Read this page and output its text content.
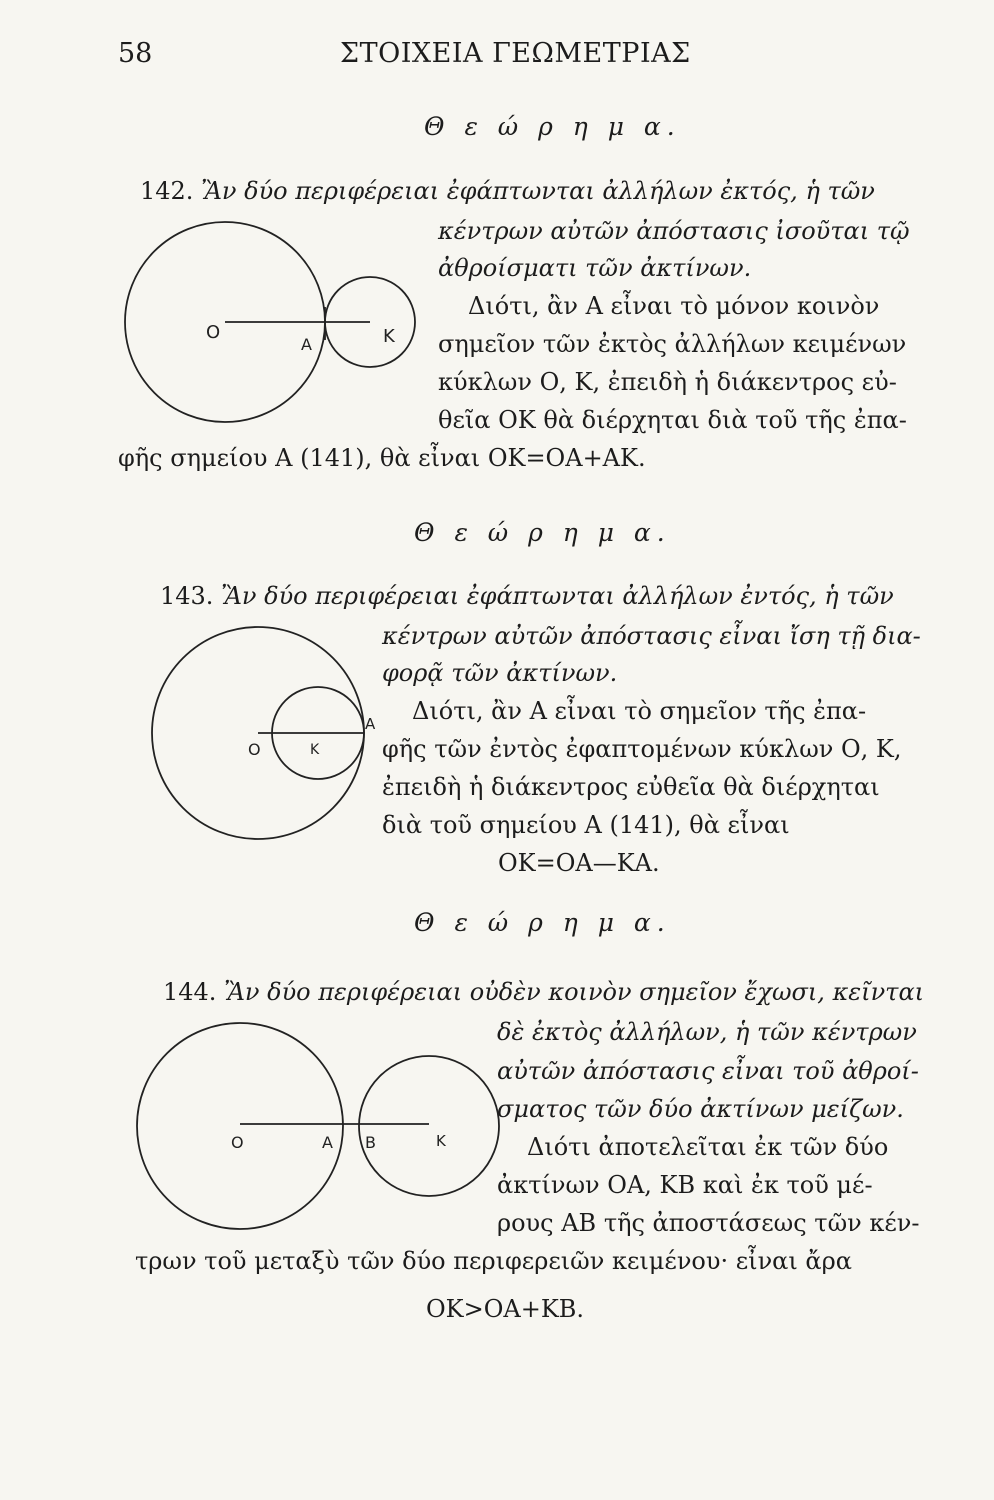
58	ΣΤΟΙΧΕΙΑ ΓΕΩΜΕΤΡΙΑΣ
Θ ε ώ ρ η μ α.
142. Ἂν δύο περιφέρειαι ἐφάπτωνται ἀλλήλων ἐκτός, ἡ τῶν
κέντρων αὐτῶν ἀπόστασις ἰσοῦται τῷ
ἀθροίσματι τῶν ἀκτίνων.
Διότι, ἂν Α εἶναι τὸ μόνον κοινὸν
σημεῖον τῶν ἐκτὸς ἀλλήλων κειμένων
κύκλων Ο, Κ, ἐπειδὴ ἡ διάκεντρος εὐ-
θεῖα ΟΚ θὰ διέρχηται διὰ τοῦ τῆς ἐπα-
φῆς σημείου Α (141), θὰ εἶναι ΟΚ=ΟΑ+ΑΚ.
O
A	K
Θ ε ώ ρ η μ α.
143. Ἂν δύο περιφέρειαι ἐφάπτωνται ἀλλήλων ἐντός, ἡ τῶν
κέντρων αὐτῶν ἀπόστασις εἶναι ἴση τῇ δια-
φορᾷ τῶν ἀκτίνων.
Διότι, ἂν Α εἶναι τὸ σημεῖον τῆς ἐπα-
φῆς τῶν ἐντὸς ἐφαπτομένων κύκλων Ο, Κ,
ἐπειδὴ ἡ διάκεντρος εὐθεῖα θὰ διέρχηται
διὰ τοῦ σημείου Α (141), θὰ εἶναι
ΟΚ=ΟΑ—ΚΑ.
O	K
A
Θ ε ώ ρ η μ α.
144. Ἂν δύο περιφέρειαι οὐδὲν κοινὸν σημεῖον ἔχωσι, κεῖνται
δὲ ἐκτὸς ἀλλήλων, ἡ τῶν κέντρων
αὐτῶν ἀπόστασις εἶναι τοῦ ἀθροί-
σματος τῶν δύο ἀκτίνων μείζων.
Διότι ἀποτελεῖται ἐκ τῶν δύο
ἀκτίνων ΟΑ, ΚΒ καὶ ἐκ τοῦ μέ-
ρους ΑΒ τῆς ἀποστάσεως τῶν κέν-
τρων τοῦ μεταξὺ τῶν δύο περιφερειῶν κειμένου· εἶναι ἄρα
ΟΚ>ΟΑ+ΚΒ.
O	A B	K
